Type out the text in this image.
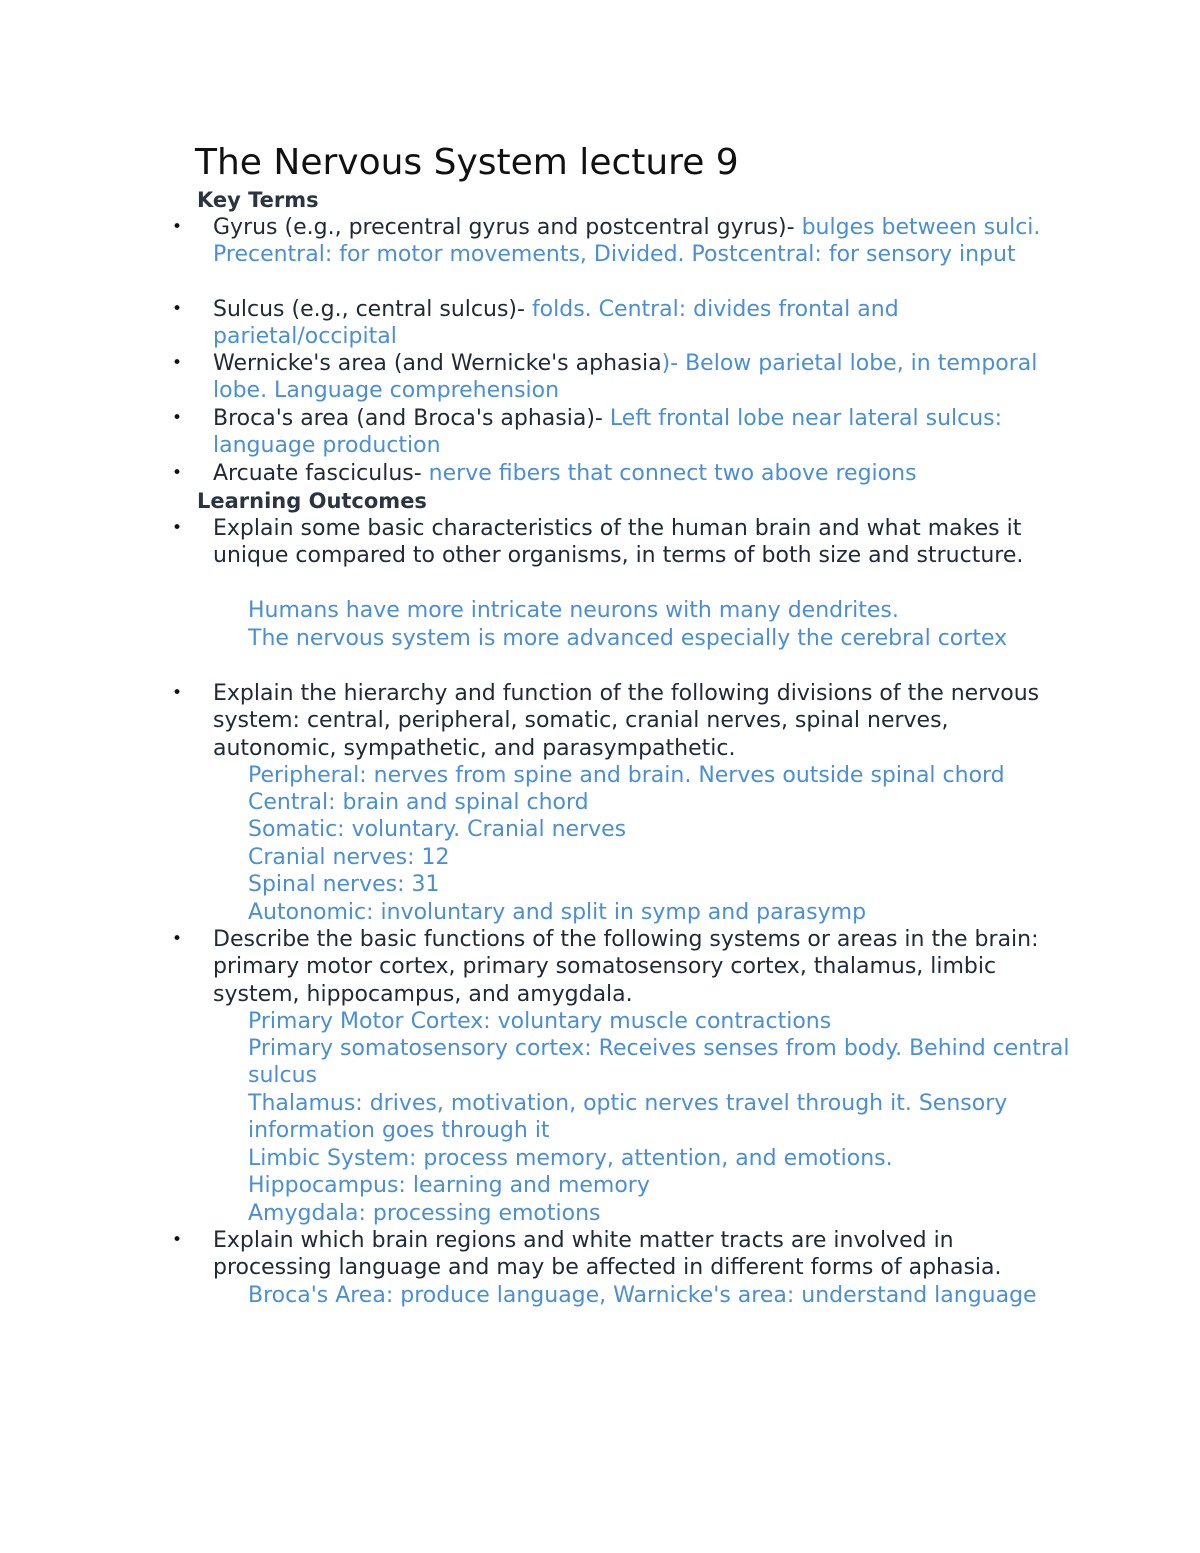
The Nervous System lecture 9
Key Terms
• Gyrus (e.g., precentral gyrus and postcentral gyrus)- bulges between sulci. Precentral: for motor movements, Divided. Postcentral: for sensory input
• Sulcus (e.g., central sulcus)- folds. Central: divides frontal and parietal/occipital
• Wernicke's area (and Wernicke's aphasia)- Below parietal lobe, in temporal lobe. Language comprehension
• Broca's area (and Broca's aphasia)- Left frontal lobe near lateral sulcus: language production
• Arcuate fasciculus- nerve fibers that connect two above regions
Learning Outcomes
• Explain some basic characteristics of the human brain and what makes it unique compared to other organisms, in terms of both size and structure.
Humans have more intricate neurons with many dendrites.
The nervous system is more advanced especially the cerebral cortex
• Explain the hierarchy and function of the following divisions of the nervous system: central, peripheral, somatic, cranial nerves, spinal nerves, autonomic, sympathetic, and parasympathetic.
Peripheral: nerves from spine and brain. Nerves outside spinal chord
Central: brain and spinal chord
Somatic: voluntary. Cranial nerves
Cranial nerves: 12
Spinal nerves: 31
Autonomic: involuntary and split in symp and parasymp
• Describe the basic functions of the following systems or areas in the brain: primary motor cortex, primary somatosensory cortex, thalamus, limbic system, hippocampus, and amygdala.
Primary Motor Cortex: voluntary muscle contractions
Primary somatosensory cortex: Receives senses from body. Behind central sulcus
Thalamus: drives, motivation, optic nerves travel through it. Sensory information goes through it
Limbic System: process memory, attention, and emotions.
Hippocampus: learning and memory
Amygdala: processing emotions
• Explain which brain regions and white matter tracts are involved in processing language and may be affected in different forms of aphasia.
Broca's Area: produce language, Warnicke's area: understand language
